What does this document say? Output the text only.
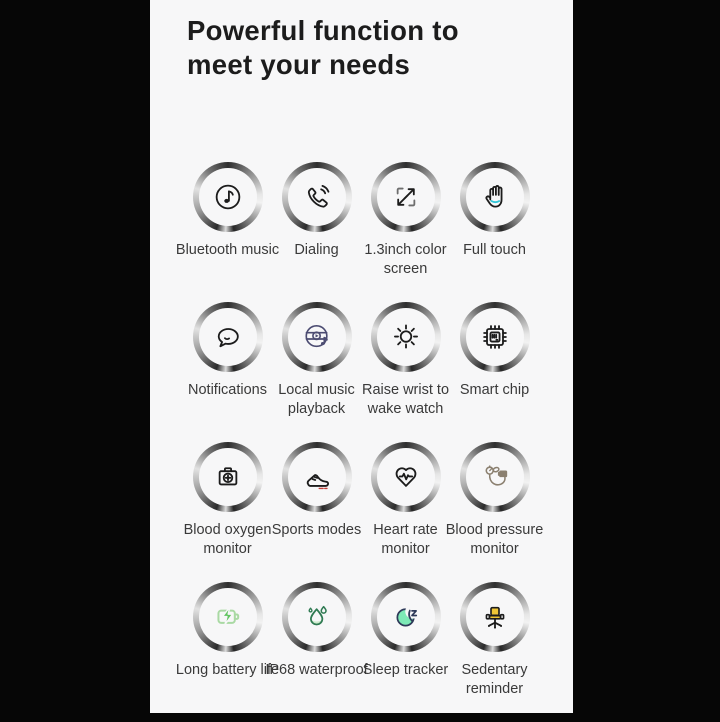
Powerful function to
meet your needs
Bluetooth music	Dialing	1.3inch color screen
Full touch
Notifications Local music playback
Raise wrist to wake watch
Smart chip
Blood oxygen monitor
Sports modes Heart rate monitor
Blood pressure monitor
Long battery life
IP68 waterproof
Sleep tracker Sedentary reminder
